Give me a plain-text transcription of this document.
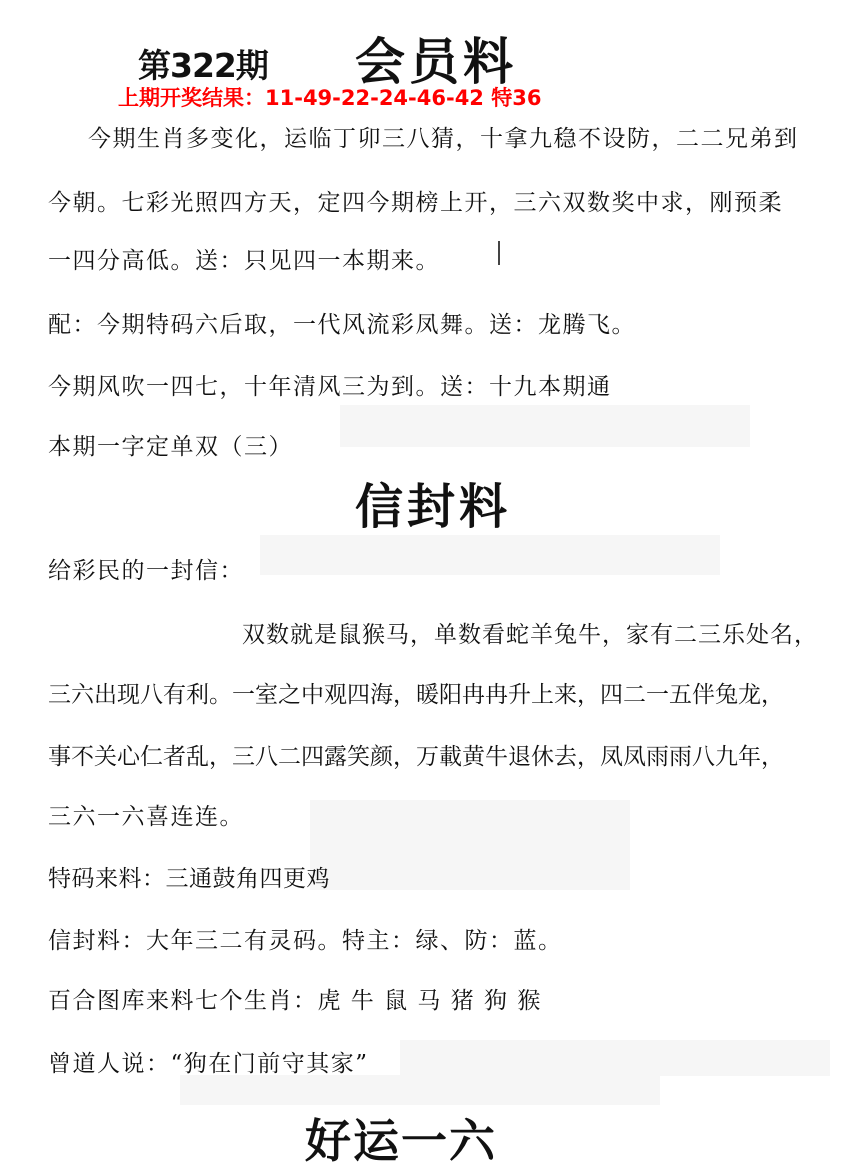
第322期 会员料
上期开奖结果：11-49-22-24-46-42 特36
今期生肖多变化，运临丁卯三八猜，十拿九稳不设防，二二兄弟到
今朝。七彩光照四方天，定四今期榜上开，三六双数奖中求，刚预柔
一四分高低。送：只见四一本期来。
配：今期特码六后取，一代风流彩凤舞。送：龙腾飞。
今期风吹一四七，十年清风三为到。送：十九本期通
本期一字定单双（三）
信封料
给彩民的一封信：
双数就是鼠猴马，单数看蛇羊兔牛，家有二三乐处名，
三六出现八有利。一室之中观四海，暖阳冉冉升上来，四二一五伴兔龙，
事不关心仁者乱，三八二四露笑颜，万載黄牛退休去，凤凤雨雨八九年，
三六一六喜连连。
特码来料：三通鼓角四更鸡
信封料：大年三二有灵码。特主：绿、防：蓝。
百合图库来料七个生肖：虎 牛 鼠 马 猪 狗 猴
曾道人说：“狗在门前守其家”
好运一六
